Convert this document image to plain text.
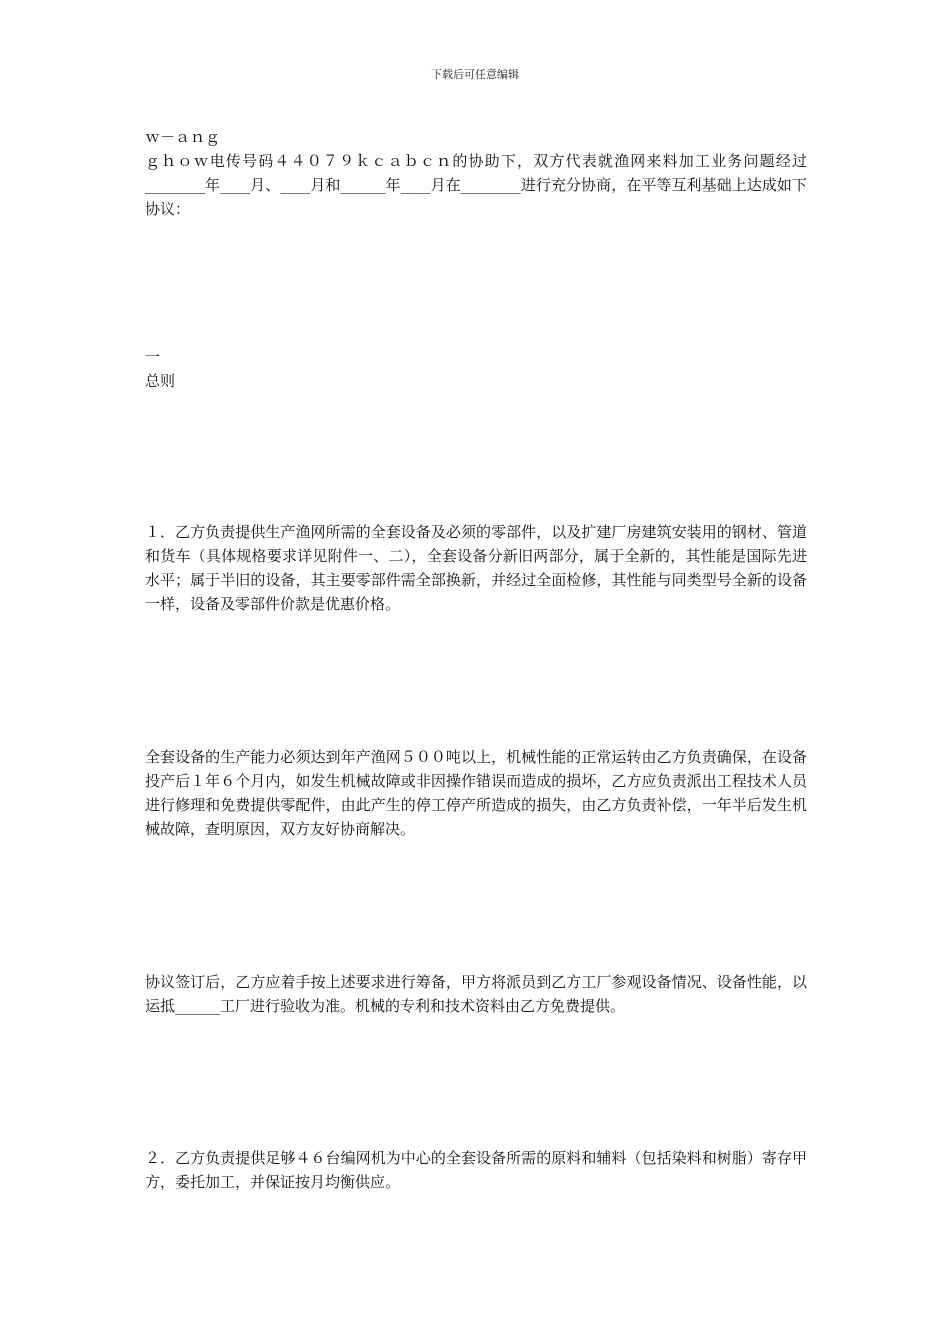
下载后可任意编辑

ｗ－ａｎｇ

ｇｈｏｗ电传号码４４０７９ｋｃａｂｃｎ的协助下，双方代表就渔网来料加工业务问题经过________年____月、____月和______年____月在________进行充分协商，在平等互利基础上达成如下协议：

一

总则

１．乙方负责提供生产渔网所需的全套设备及必须的零部件，以及扩建厂房建筑安装用的钢材、管道和货车（具体规格要求详见附件一、二），全套设备分新旧两部分，属于全新的，其性能是国际先进水平；属于半旧的设备，其主要零部件需全部换新，并经过全面检修，其性能与同类型号全新的设备一样，设备及零部件价款是优惠价格。

全套设备的生产能力必须达到年产渔网５００吨以上，机械性能的正常运转由乙方负责确保，在设备投产后１年６个月内，如发生机械故障或非因操作错误而造成的损坏，乙方应负责派出工程技术人员进行修理和免费提供零配件，由此产生的停工停产所造成的损失，由乙方负责补偿，一年半后发生机械故障，查明原因，双方友好协商解决。

协议签订后，乙方应着手按上述要求进行筹备，甲方将派员到乙方工厂参观设备情况、设备性能，以运抵______工厂进行验收为准。机械的专利和技术资料由乙方免费提供。

２．乙方负责提供足够４６台编网机为中心的全套设备所需的原料和辅料（包括染料和树脂）寄存甲方，委托加工，并保证按月均衡供应。
